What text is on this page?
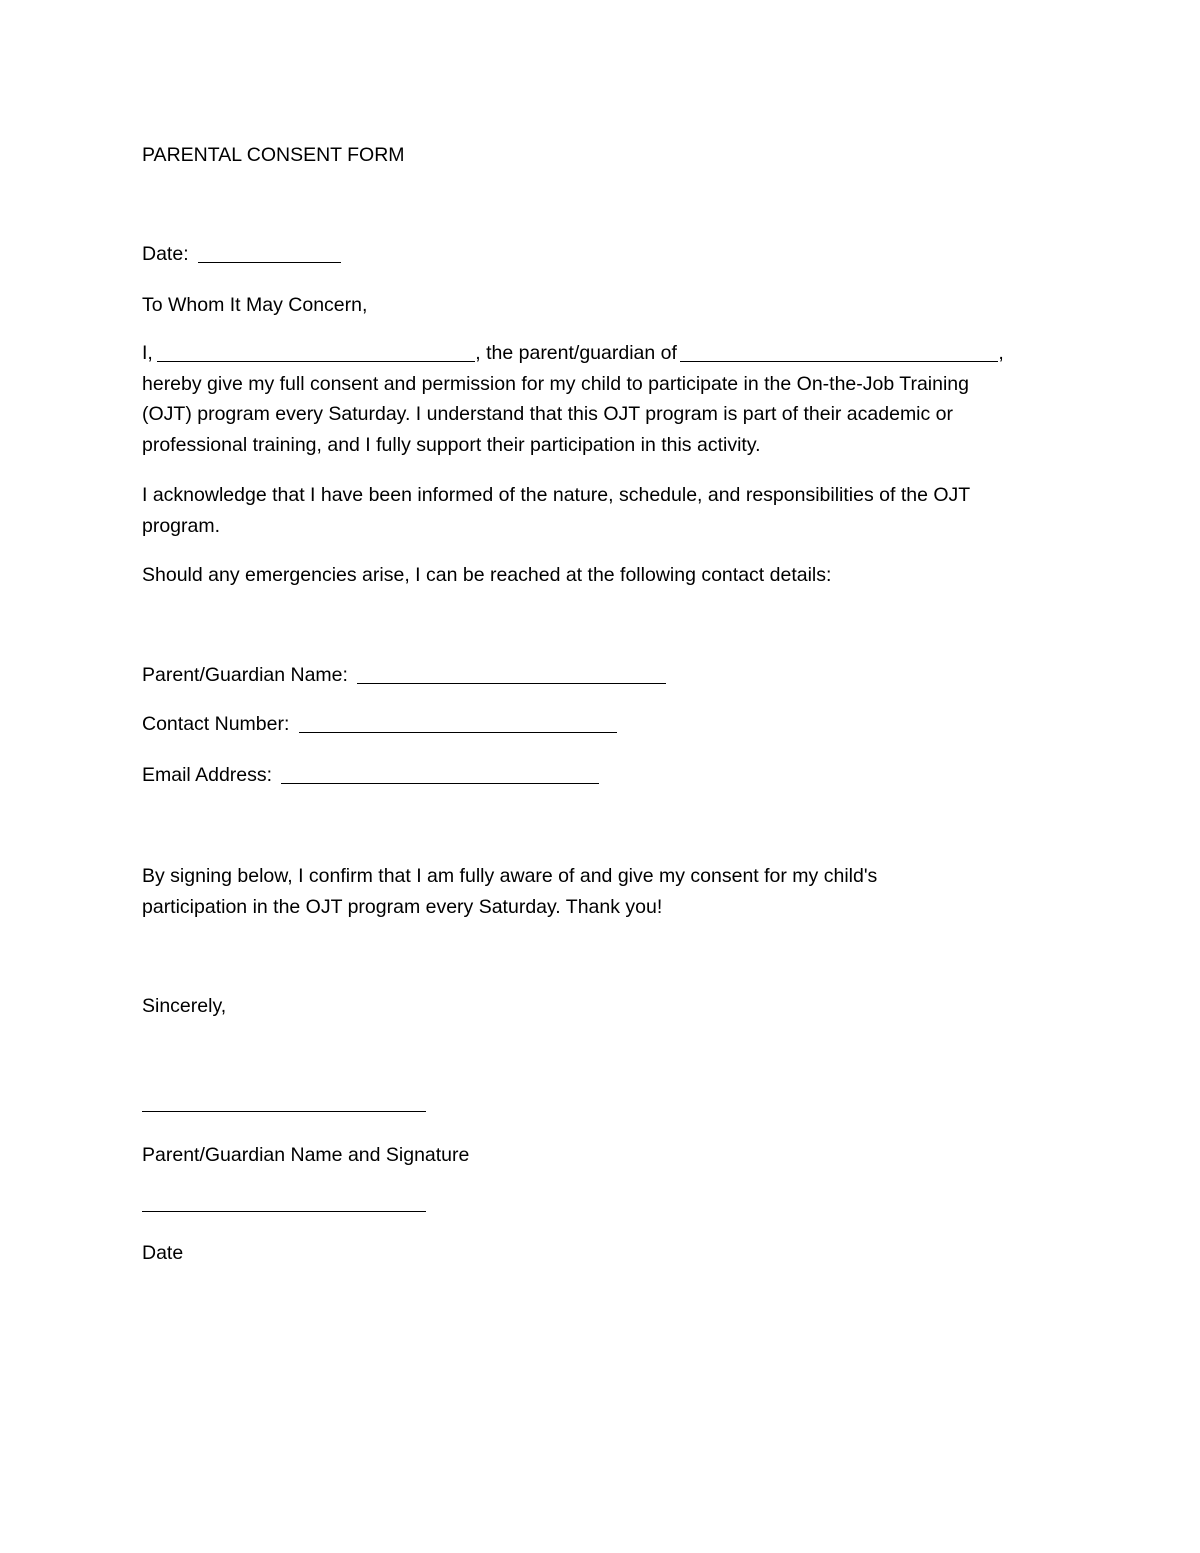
PARENTAL CONSENT FORM
Date:
To Whom It May Concern,

I,	, the parent/guardian of	,

hereby give my full consent and permission for my child to participate in the On-the-Job Training

(OJT) program every Saturday. I understand that this OJT program is part of their academic or

professional training, and I fully support their participation in this activity.

I acknowledge that I have been informed of the nature, schedule, and responsibilities of the OJT

program.

Should any emergencies arise, I can be reached at the following contact details:
Parent/Guardian Name:
Contact Number:
Email Address:

By signing below, I confirm that I am fully aware of and give my consent for my child's

participation in the OJT program every Saturday. Thank you!

Sincerely,
Parent/Guardian Name and Signature
Date
